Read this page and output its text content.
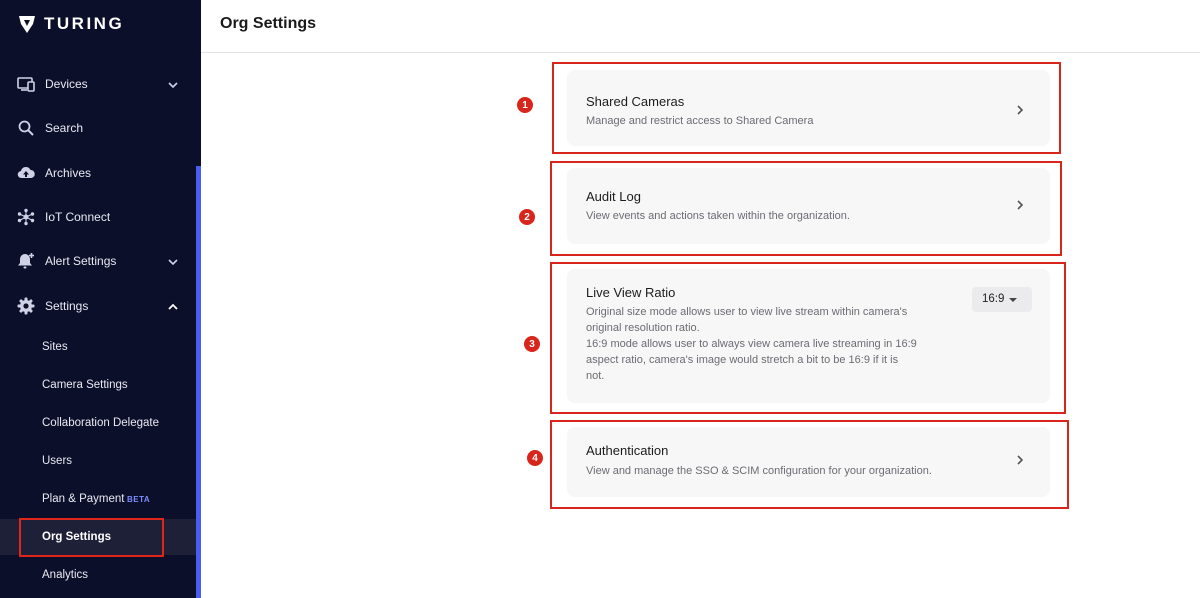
TURING
Devices
Search
Archives
IoT Connect
Alert Settings
Settings
Sites
Camera Settings
Collaboration Delegate
Users
Plan & Payment BETA
Org Settings
Analytics
Org Settings
1	Shared Cameras
Manage and restrict access to Shared Camera
2
Audit Log
View events and actions taken within the organization.
3
Live View Ratio
Original size mode allows user to view live stream within camera's
original resolution ratio.
16:9 mode allows user to always view camera live streaming in 16:9
aspect ratio, camera's image would stretch a bit to be 16:9 if it is
not.
16:9
4	Authentication
View and manage the SSO & SCIM configuration for your organization.
